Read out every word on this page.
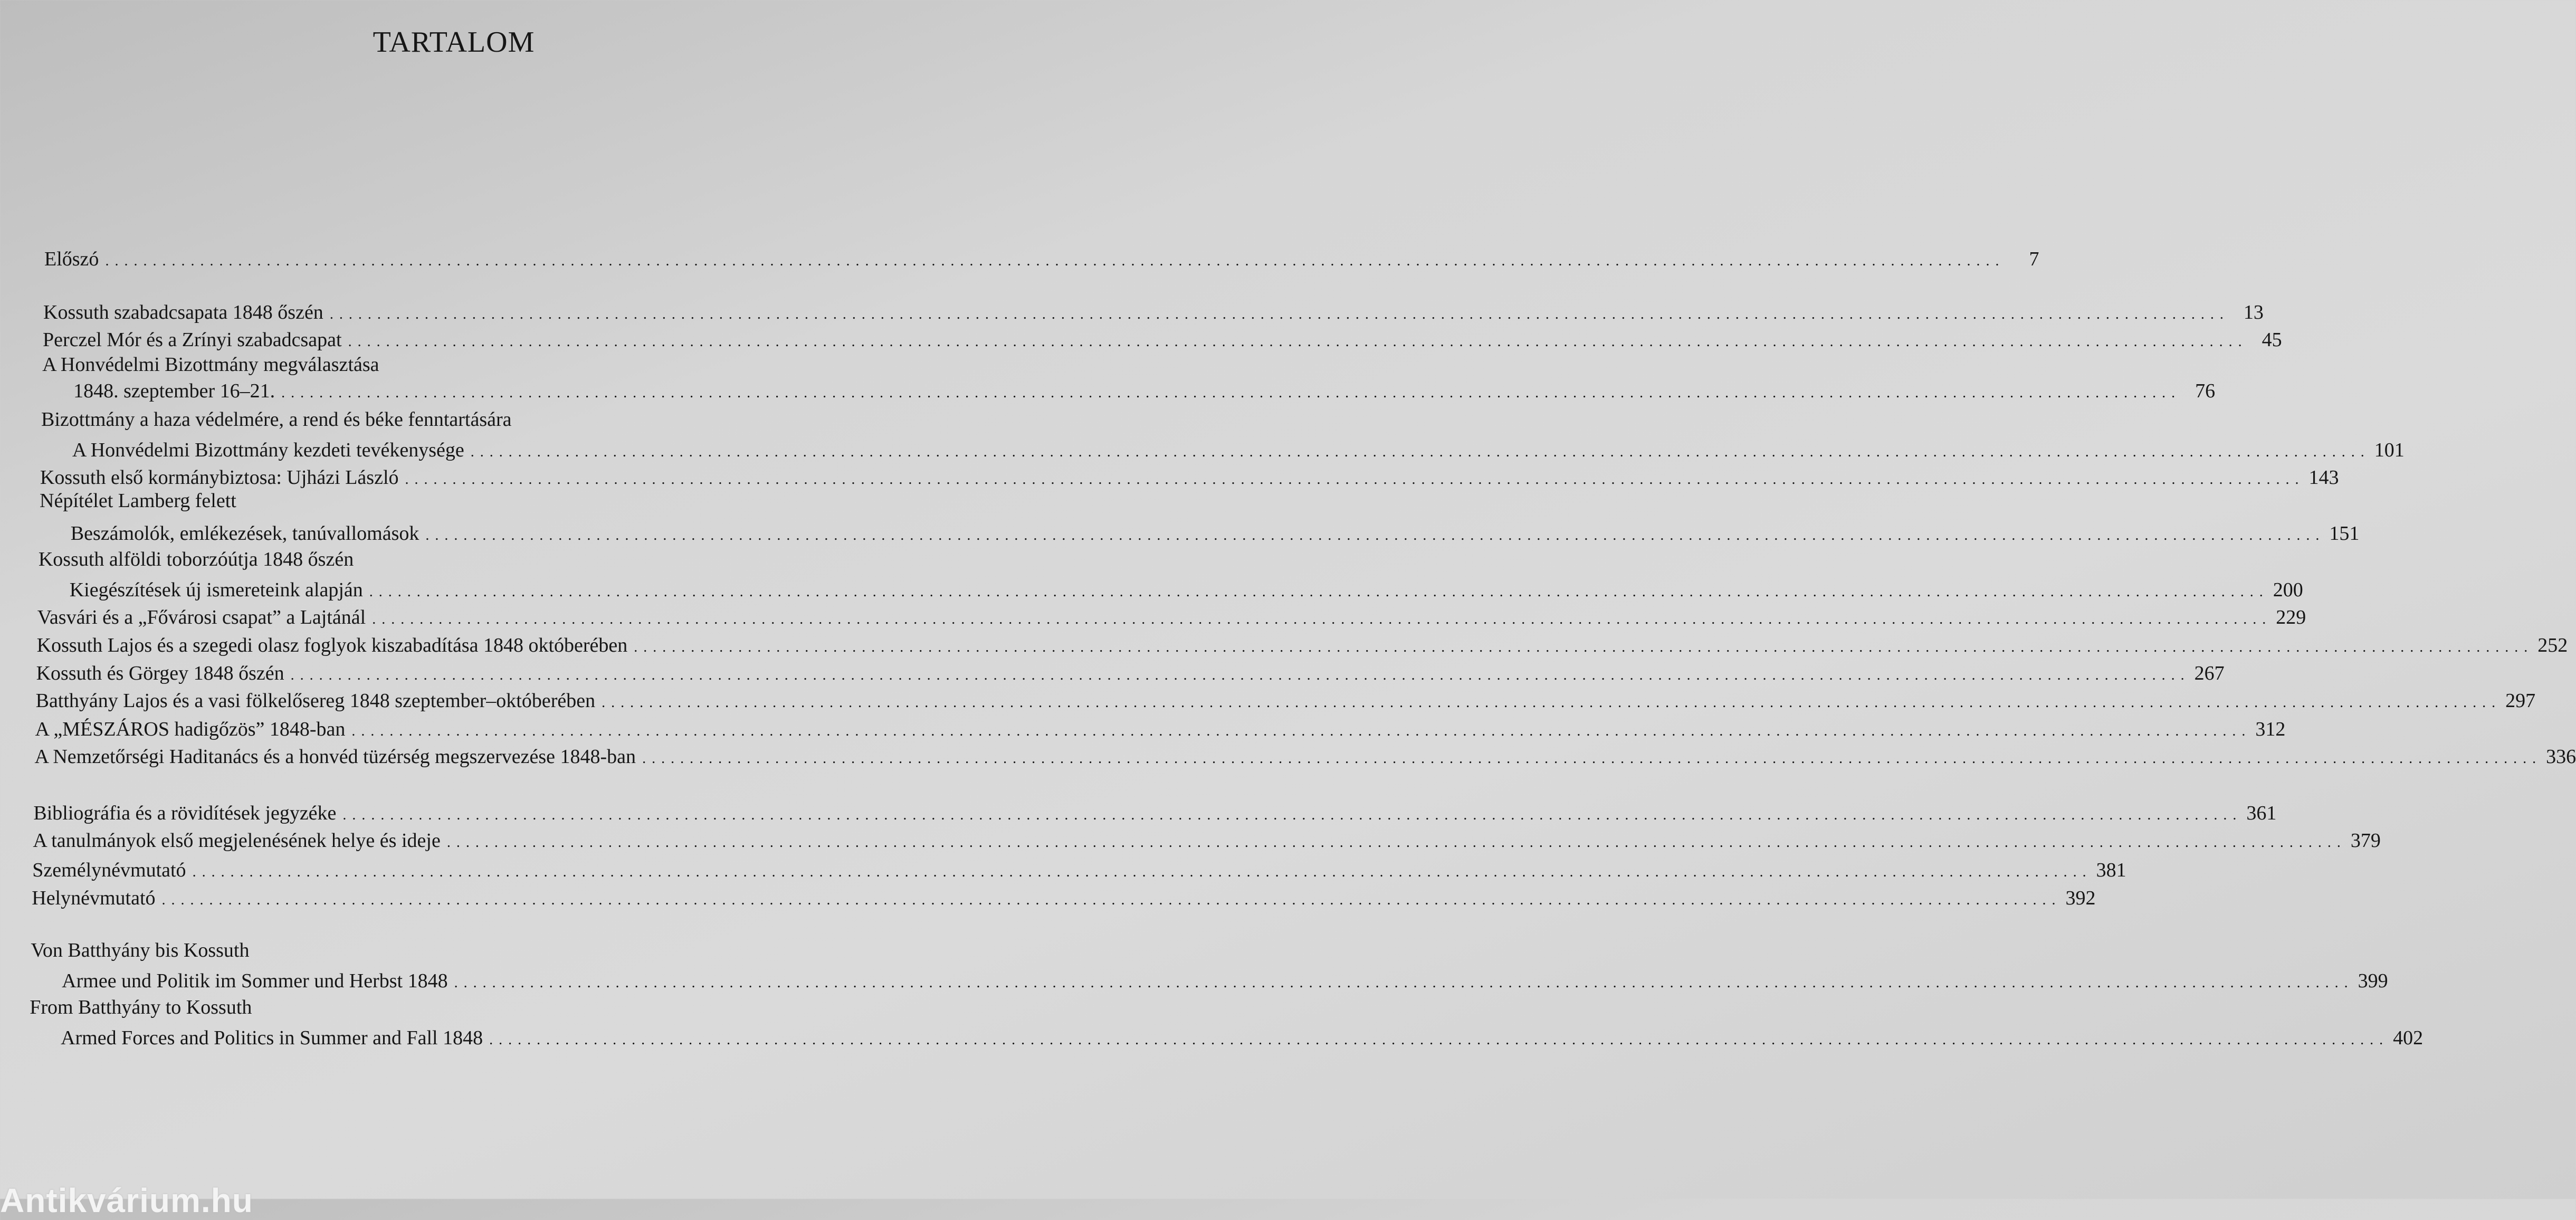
TARTALOM
Előszó . . . . . . . . . . . . . . . . . . . . . . . . . . . . . . . . . . . . . . . . . . . . . . . . . . . . . . . . . . . . . . . . . . . . . . . . . . . . . . . . . . . . . . . . . . . . . . . . . . . . . . . . . . . . . . . . . . . . . . . . . . . . . . . . . . . . . . . . . . . . . . . . . . . . . . . . . . . . . . . . . . . . . . . . . . . . . . . . . . . . . . . . . . . . . . . . . . . . . . . .	7
Kossuth szabadcsapata 1848 őszén . . . . . . . . . . . . . . . . . . . . . . . . . . . . . . . . . . . . . . . . . . . . . . . . . . . . . . . . . . . . . . . . . . . . . . . . . . . . . . . . . . . . . . . . . . . . . . . . . . . . . . . . . . . . . . . . . . . . . . . . . . . . . . . . . . . . . . . . . . . . . . . . . . . . . . . . . . . . . . . . . . . . . . . . . . . . . . . . . . . . . . . . . . . . . . . . . . . . . . . . 13
Perczel Mór és a Zrínyi szabadcsapat . . . . . . . . . . . . . . . . . . . . . . . . . . . . . . . . . . . . . . . . . . . . . . . . . . . . . . . . . . . . . . . . . . . . . . . . . . . . . . . . . . . . . . . . . . . . . . . . . . . . . . . . . . . . . . . . . . . . . . . . . . . . . . . . . . . . . . . . . . . . . . . . . . . . . . . . . . . . . . . . . . . . . . . . . . . . . . . . . . . . . . . . . . . . . . . . . . . . . . . . 45
A Honvédelmi Bizottmány megválasztása
1848. szeptember 16–21. . . . . . . . . . . . . . . . . . . . . . . . . . . . . . . . . . . . . . . . . . . . . . . . . . . . . . . . . . . . . . . . . . . . . . . . . . . . . . . . . . . . . . . . . . . . . . . . . . . . . . . . . . . . . . . . . . . . . . . . . . . . . . . . . . . . . . . . . . . . . . . . . . . . . . . . . . . . . . . . . . . . . . . . . . . . . . . . . . . . . . . . . . . . . . . . . . . . . . . . . 76
Bizottmány a haza védelmére, a rend és béke fenntartására
A Honvédelmi Bizottmány kezdeti tevékenysége . . . . . . . . . . . . . . . . . . . . . . . . . . . . . . . . . . . . . . . . . . . . . . . . . . . . . . . . . . . . . . . . . . . . . . . . . . . . . . . . . . . . . . . . . . . . . . . . . . . . . . . . . . . . . . . . . . . . . . . . . . . . . . . . . . . . . . . . . . . . . . . . . . . . . . . . . . . . . . . . . . . . . . . . . . . . . . . . . . . . . . . . . . . . . . . . . . . . . . . . 101
Kossuth első kormánybiztosa: Ujházi László . . . . . . . . . . . . . . . . . . . . . . . . . . . . . . . . . . . . . . . . . . . . . . . . . . . . . . . . . . . . . . . . . . . . . . . . . . . . . . . . . . . . . . . . . . . . . . . . . . . . . . . . . . . . . . . . . . . . . . . . . . . . . . . . . . . . . . . . . . . . . . . . . . . . . . . . . . . . . . . . . . . . . . . . . . . . . . . . . . . . . . . . . . . . . . . . . . . . . . . . 143
Népítélet Lamberg felett
Beszámolók, emlékezések, tanúvallomások . . . . . . . . . . . . . . . . . . . . . . . . . . . . . . . . . . . . . . . . . . . . . . . . . . . . . . . . . . . . . . . . . . . . . . . . . . . . . . . . . . . . . . . . . . . . . . . . . . . . . . . . . . . . . . . . . . . . . . . . . . . . . . . . . . . . . . . . . . . . . . . . . . . . . . . . . . . . . . . . . . . . . . . . . . . . . . . . . . . . . . . . . . . . . . . . . . . . . . . . 151
Kossuth alföldi toborzóútja 1848 őszén
Kiegészítések új ismereteink alapján . . . . . . . . . . . . . . . . . . . . . . . . . . . . . . . . . . . . . . . . . . . . . . . . . . . . . . . . . . . . . . . . . . . . . . . . . . . . . . . . . . . . . . . . . . . . . . . . . . . . . . . . . . . . . . . . . . . . . . . . . . . . . . . . . . . . . . . . . . . . . . . . . . . . . . . . . . . . . . . . . . . . . . . . . . . . . . . . . . . . . . . . . . . . . . . . . . . . . . . . 200
Vasvári és a „Fővárosi csapat” a Lajtánál . . . . . . . . . . . . . . . . . . . . . . . . . . . . . . . . . . . . . . . . . . . . . . . . . . . . . . . . . . . . . . . . . . . . . . . . . . . . . . . . . . . . . . . . . . . . . . . . . . . . . . . . . . . . . . . . . . . . . . . . . . . . . . . . . . . . . . . . . . . . . . . . . . . . . . . . . . . . . . . . . . . . . . . . . . . . . . . . . . . . . . . . . . . . . . . . . . . . . . . . 229
Kossuth Lajos és a szegedi olasz foglyok kiszabadítása 1848 októberében . . . . . . . . . . . . . . . . . . . . . . . . . . . . . . . . . . . . . . . . . . . . . . . . . . . . . . . . . . . . . . . . . . . . . . . . . . . . . . . . . . . . . . . . . . . . . . . . . . . . . . . . . . . . . . . . . . . . . . . . . . . . . . . . . . . . . . . . . . . . . . . . . . . . . . . . . . . . . . . . . . . . . . . . . . . . . . . . . . . . . . . . . . . . . . . . . . . . . . . . 252
Kossuth és Görgey 1848 őszén . . . . . . . . . . . . . . . . . . . . . . . . . . . . . . . . . . . . . . . . . . . . . . . . . . . . . . . . . . . . . . . . . . . . . . . . . . . . . . . . . . . . . . . . . . . . . . . . . . . . . . . . . . . . . . . . . . . . . . . . . . . . . . . . . . . . . . . . . . . . . . . . . . . . . . . . . . . . . . . . . . . . . . . . . . . . . . . . . . . . . . . . . . . . . . . . . . . . . . . . 267
Batthyány Lajos és a vasi fölkelősereg 1848 szeptember–októberében . . . . . . . . . . . . . . . . . . . . . . . . . . . . . . . . . . . . . . . . . . . . . . . . . . . . . . . . . . . . . . . . . . . . . . . . . . . . . . . . . . . . . . . . . . . . . . . . . . . . . . . . . . . . . . . . . . . . . . . . . . . . . . . . . . . . . . . . . . . . . . . . . . . . . . . . . . . . . . . . . . . . . . . . . . . . . . . . . . . . . . . . . . . . . . . . . . . . . . . . 297
A „MÉSZÁROS hadigőzös” 1848-ban . . . . . . . . . . . . . . . . . . . . . . . . . . . . . . . . . . . . . . . . . . . . . . . . . . . . . . . . . . . . . . . . . . . . . . . . . . . . . . . . . . . . . . . . . . . . . . . . . . . . . . . . . . . . . . . . . . . . . . . . . . . . . . . . . . . . . . . . . . . . . . . . . . . . . . . . . . . . . . . . . . . . . . . . . . . . . . . . . . . . . . . . . . . . . . . . . . . . . . . . 312
A Nemzetőrségi Haditanács és a honvéd tüzérség megszervezése 1848-ban . . . . . . . . . . . . . . . . . . . . . . . . . . . . . . . . . . . . . . . . . . . . . . . . . . . . . . . . . . . . . . . . . . . . . . . . . . . . . . . . . . . . . . . . . . . . . . . . . . . . . . . . . . . . . . . . . . . . . . . . . . . . . . . . . . . . . . . . . . . . . . . . . . . . . . . . . . . . . . . . . . . . . . . . . . . . . . . . . . . . . . . . . . . . . . . . . . . . . . . . 336
Bibliográfia és a rövidítések jegyzéke . . . . . . . . . . . . . . . . . . . . . . . . . . . . . . . . . . . . . . . . . . . . . . . . . . . . . . . . . . . . . . . . . . . . . . . . . . . . . . . . . . . . . . . . . . . . . . . . . . . . . . . . . . . . . . . . . . . . . . . . . . . . . . . . . . . . . . . . . . . . . . . . . . . . . . . . . . . . . . . . . . . . . . . . . . . . . . . . . . . . . . . . . . . . . . . . . . . . . . . . 361
A tanulmányok első megjelenésének helye és ideje . . . . . . . . . . . . . . . . . . . . . . . . . . . . . . . . . . . . . . . . . . . . . . . . . . . . . . . . . . . . . . . . . . . . . . . . . . . . . . . . . . . . . . . . . . . . . . . . . . . . . . . . . . . . . . . . . . . . . . . . . . . . . . . . . . . . . . . . . . . . . . . . . . . . . . . . . . . . . . . . . . . . . . . . . . . . . . . . . . . . . . . . . . . . . . . . . . . . . . . . 379
Személynévmutató . . . . . . . . . . . . . . . . . . . . . . . . . . . . . . . . . . . . . . . . . . . . . . . . . . . . . . . . . . . . . . . . . . . . . . . . . . . . . . . . . . . . . . . . . . . . . . . . . . . . . . . . . . . . . . . . . . . . . . . . . . . . . . . . . . . . . . . . . . . . . . . . . . . . . . . . . . . . . . . . . . . . . . . . . . . . . . . . . . . . . . . . . . . . . . . . . . . . . . . . 381
Helynévmutató . . . . . . . . . . . . . . . . . . . . . . . . . . . . . . . . . . . . . . . . . . . . . . . . . . . . . . . . . . . . . . . . . . . . . . . . . . . . . . . . . . . . . . . . . . . . . . . . . . . . . . . . . . . . . . . . . . . . . . . . . . . . . . . . . . . . . . . . . . . . . . . . . . . . . . . . . . . . . . . . . . . . . . . . . . . . . . . . . . . . . . . . . . . . . . . . . . . . . . . . 392
Von Batthyány bis Kossuth
Armee und Politik im Sommer und Herbst 1848 . . . . . . . . . . . . . . . . . . . . . . . . . . . . . . . . . . . . . . . . . . . . . . . . . . . . . . . . . . . . . . . . . . . . . . . . . . . . . . . . . . . . . . . . . . . . . . . . . . . . . . . . . . . . . . . . . . . . . . . . . . . . . . . . . . . . . . . . . . . . . . . . . . . . . . . . . . . . . . . . . . . . . . . . . . . . . . . . . . . . . . . . . . . . . . . . . . . . . . . . 399
From Batthyány to Kossuth
Armed Forces and Politics in Summer and Fall 1848 . . . . . . . . . . . . . . . . . . . . . . . . . . . . . . . . . . . . . . . . . . . . . . . . . . . . . . . . . . . . . . . . . . . . . . . . . . . . . . . . . . . . . . . . . . . . . . . . . . . . . . . . . . . . . . . . . . . . . . . . . . . . . . . . . . . . . . . . . . . . . . . . . . . . . . . . . . . . . . . . . . . . . . . . . . . . . . . . . . . . . . . . . . . . . . . . . . . . . . . . 402
Antikvárium.hu
